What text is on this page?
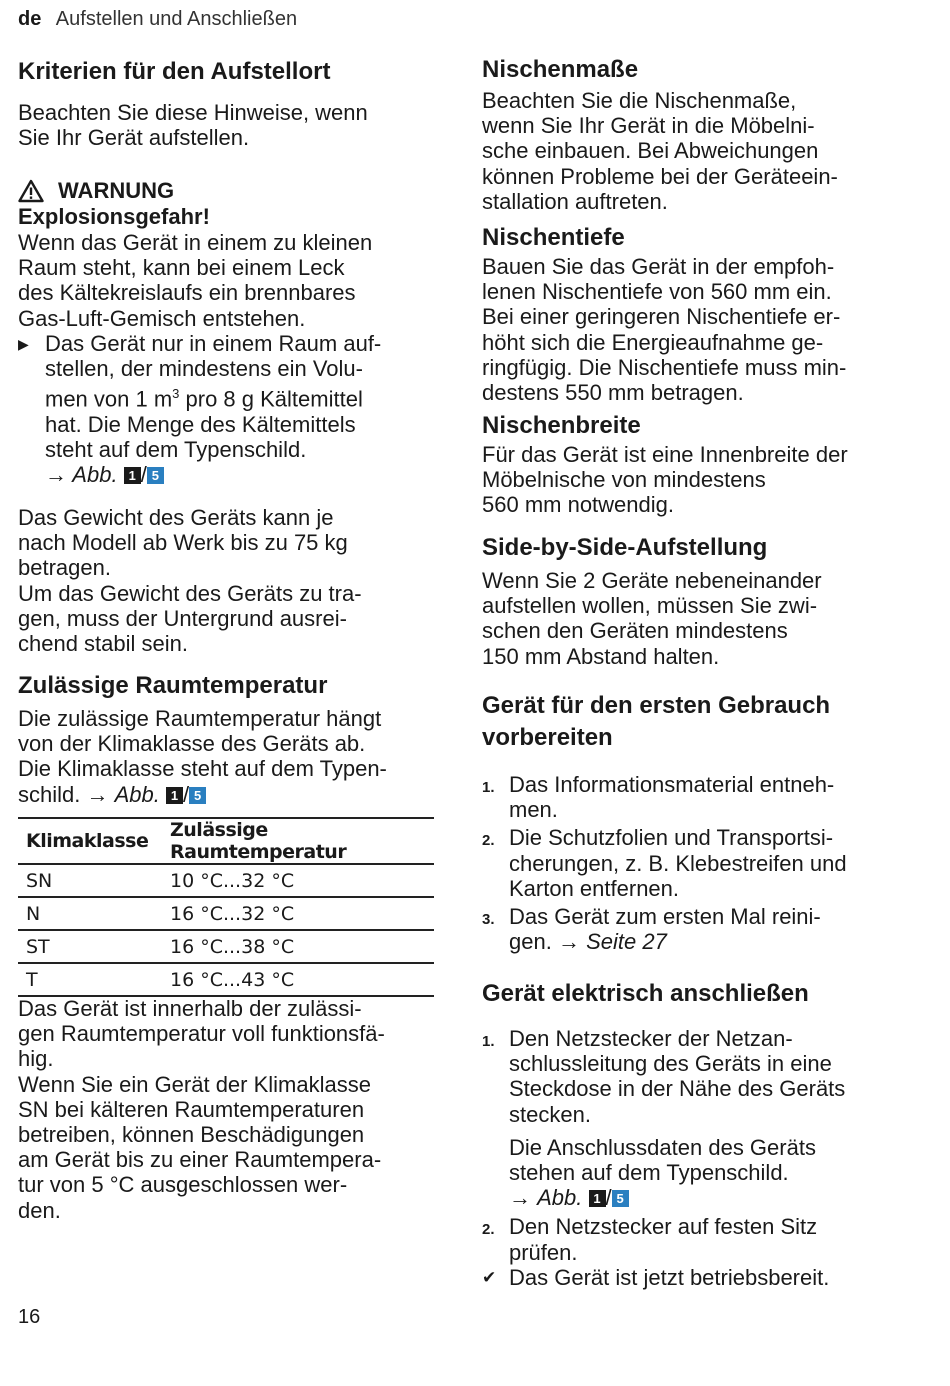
de Aufstellen und Anschließen
Kriterien für den Aufstellort

Beachten Sie diese Hinweise, wenn

Sie Ihr Gerät aufstellen.

WARNUNG
Explosionsgefahr!

Wenn das Gerät in einem zu kleinen

Raum steht, kann bei einem Leck

des Kältekreislaufs ein brennbares

Gas-Luft-Gemisch entstehen.

▶ Das Gerät nur in einem Raum auf-

stellen, der mindestens ein Volu-

men von 1 $m^3$ pro 8 g Kältemittel

hat. Die Menge des Kältemittels

steht auf dem Typenschild.

→ Abb. 1 / 5

Das Gewicht des Geräts kann je

nach Modell ab Werk bis zu 75 kg

betragen.

Um das Gewicht des Geräts zu tra-

gen, muss der Untergrund ausrei-

chend stabil sein.

Zulässige Raumtemperatur

Die zulässige Raumtemperatur hängt

von der Klimaklasse des Geräts ab.

Die Klimaklasse steht auf dem Typen-

schild. → Abb. 1 / 5

Klimaklasse	Zulässige Raumtemperatur
SN	10 °C...32 °C
N	16 °C...32 °C
ST	16 °C...38 °C
T	16 °C...43 °C

Das Gerät ist innerhalb der zulässi-

gen Raumtemperatur voll funktionsfä-

hig.

Wenn Sie ein Gerät der Klimaklasse

SN bei kälteren Raumtemperaturen

betreiben, können Beschädigungen

am Gerät bis zu einer Raumtempera-

tur von 5 °C ausgeschlossen wer-

den.

Nischenmaße

Beachten Sie die Nischenmaße,

wenn Sie Ihr Gerät in die Möbelni-

sche einbauen. Bei Abweichungen

können Probleme bei der Geräteein-

stallation auftreten.

Nischentiefe

Bauen Sie das Gerät in der empfoh-

lenen Nischentiefe von 560 mm ein.

Bei einer geringeren Nischentiefe er-

höht sich die Energieaufnahme ge-

ringfügig. Die Nischentiefe muss min-

destens 550 mm betragen.

Nischenbreite

Für das Gerät ist eine Innenbreite der

Möbelnische von mindestens

560 mm notwendig.

Side-by-Side-Aufstellung

Wenn Sie 2 Geräte nebeneinander

aufstellen wollen, müssen Sie zwi-

schen den Geräten mindestens

150 mm Abstand halten.

Gerät für den ersten Gebrauch
vorbereiten
1. Das Informationsmaterial entneh-
men.
2. Die Schutzfolien und Transportsi-
cherungen, z. B. Klebestreifen und
Karton entfernen.
3. Das Gerät zum ersten Mal reini-
gen. → Seite 27
Gerät elektrisch anschließen
1. Den Netzstecker der Netzan-
schlussleitung des Geräts in eine
Steckdose in der Nähe des Geräts
stecken.
Die Anschlussdaten des Geräts
stehen auf dem Typenschild.
→ Abb. 1 / 5
2. Den Netzstecker auf festen Sitz
prüfen.
✔ Das Gerät ist jetzt betriebsbereit.
16
